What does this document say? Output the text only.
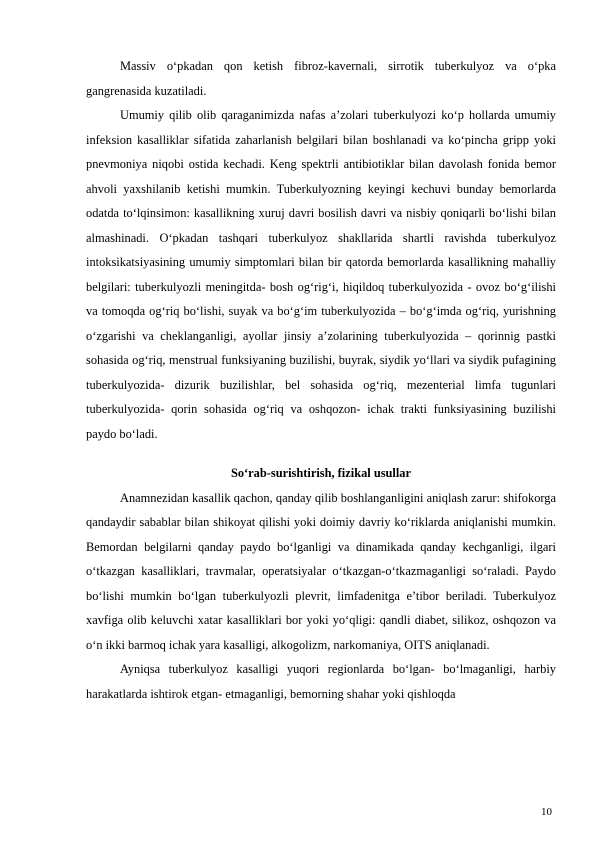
Massiv o‘pkadan qon ketish fibroz-kavernali, sirrotik tuberkulyoz va o‘pka gangrenasida kuzatiladi.

Umumiy qilib olib qaraganimizda nafas a’zolari tuberkulyozi ko‘p hollarda umumiy infeksion kasalliklar sifatida zaharlanish belgilari bilan boshlanadi va ko‘pincha gripp yoki pnevmoniya niqobi ostida kechadi. Keng spektrli antibiotiklar bilan davolash fonida bemor ahvoli yaxshilanib ketishi mumkin. Tuberkulyozning keyingi kechuvi bunday bemorlarda odatda to‘lqinsimon: kasallikning xuruj davri bosilish davri va nisbiy qoniqarli bo‘lishi bilan almashinadi. O‘pkadan tashqari tuberkulyoz shakllarida shartli ravishda tuberkulyoz intoksikatsiyasining umumiy simptomlari bilan bir qatorda bemorlarda kasallikning mahalliy belgilari: tuberkulyozli meningitda- bosh og‘rig‘i, hiqildoq tuberkulyozida - ovoz bo‘g‘ilishi va tomoqda og‘riq bo‘lishi, suyak va bo‘g‘im tuberkulyozida – bo‘g‘imda og‘riq, yurishning o‘zgarishi va cheklanganligi, ayollar jinsiy a’zolarining tuberkulyozida – qorinnig pastki sohasida og‘riq, menstrual funksiyaning buzilishi, buyrak, siydik yo‘llari va siydik pufagining tuberkulyozida- dizurik buzilishlar, bel sohasida og‘riq, mezenterial limfa tugunlari tuberkulyozida- qorin sohasida og‘riq va oshqozon- ichak trakti funksiyasining buzilishi paydo bo‘ladi.

So‘rab-surishtirish, fizikal usullar

Anamnezidan kasallik qachon, qanday qilib boshlanganligini aniqlash zarur: shifokorga qandaydir sabablar bilan shikoyat qilishi yoki doimiy davriy ko‘riklarda aniqlanishi mumkin. Bemordan belgilarni qanday paydo bo‘lganligi va dinamikada qanday kechganligi, ilgari o‘tkazgan kasalliklari, travmalar, operatsiyalar o‘tkazgan-o‘tkazmaganligi so‘raladi. Paydo bo‘lishi mumkin bo‘lgan tuberkulyozli plevrit, limfadenitga e’tibor beriladi. Tuberkulyoz xavfiga olib keluvchi xatar kasalliklari bor yoki yo‘qligi: qandli diabet, silikoz, oshqozon va o‘n ikki barmoq ichak yara kasalligi, alkogolizm, narkomaniya, OITS aniqlanadi.

Ayniqsa tuberkulyoz kasalligi yuqori regionlarda bo‘lgan- bo‘lmaganligi, harbiy harakatlarda ishtirok etgan- etmaganligi, bemorning shahar yoki qishloqda

10
